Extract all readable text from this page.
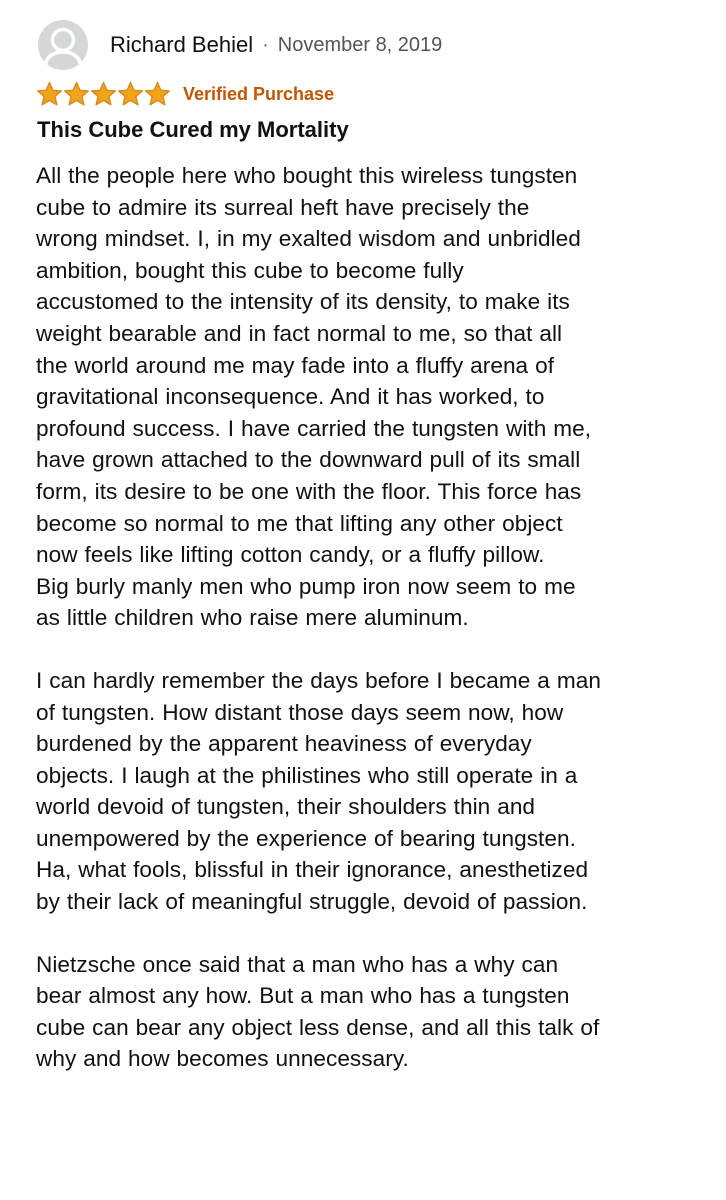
Richard Behiel · November 8, 2019
Verified Purchase
This Cube Cured my Mortality

All the people here who bought this wireless tungsten
cube to admire its surreal heft have precisely the
wrong mindset. I, in my exalted wisdom and unbridled
ambition, bought this cube to become fully
accustomed to the intensity of its density, to make its
weight bearable and in fact normal to me, so that all
the world around me may fade into a fluffy arena of
gravitational inconsequence. And it has worked, to
profound success. I have carried the tungsten with me,
have grown attached to the downward pull of its small
form, its desire to be one with the floor. This force has
become so normal to me that lifting any other object
now feels like lifting cotton candy, or a fluffy pillow.
Big burly manly men who pump iron now seem to me
as little children who raise mere aluminum.

I can hardly remember the days before I became a man
of tungsten. How distant those days seem now, how
burdened by the apparent heaviness of everyday
objects. I laugh at the philistines who still operate in a
world devoid of tungsten, their shoulders thin and
unempowered by the experience of bearing tungsten.
Ha, what fools, blissful in their ignorance, anesthetized
by their lack of meaningful struggle, devoid of passion.

Nietzsche once said that a man who has a why can
bear almost any how. But a man who has a tungsten
cube can bear any object less dense, and all this talk of
why and how becomes unnecessary.
